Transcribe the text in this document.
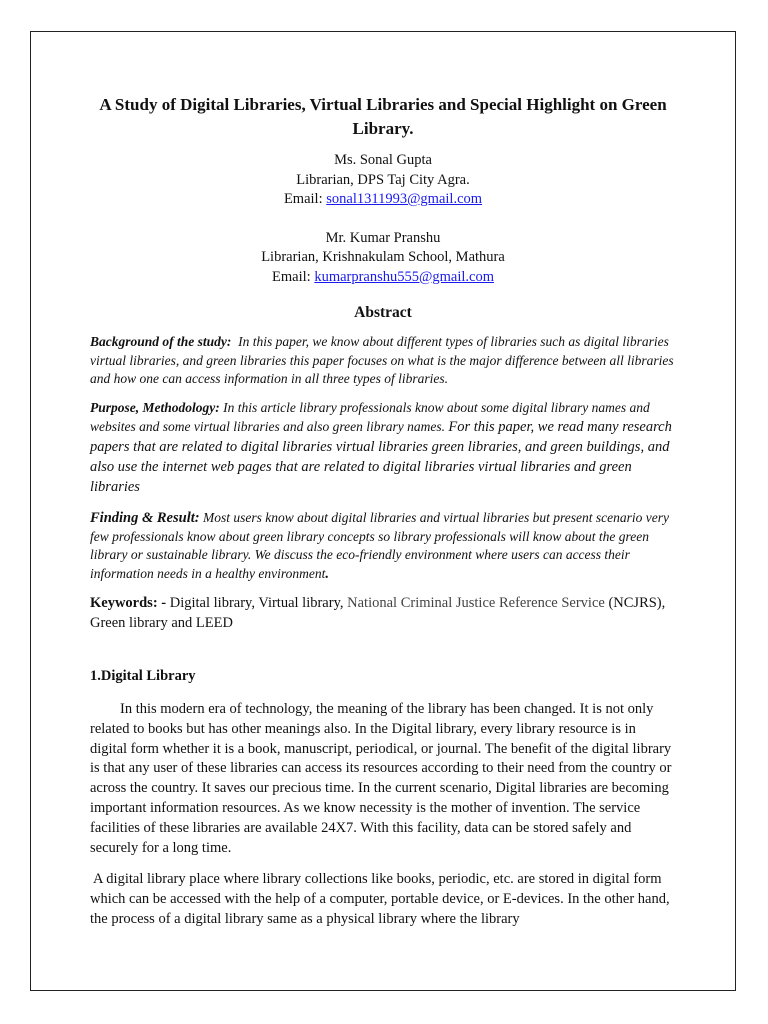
A Study of Digital Libraries, Virtual Libraries and Special Highlight on Green Library.
Ms. Sonal Gupta
Librarian, DPS Taj City Agra.
Email: sonal1311993@gmail.com
Mr. Kumar Pranshu
Librarian, Krishnakulam School, Mathura
Email: kumarpranshu555@gmail.com
Abstract

Background of the study: In this paper, we know about different types of libraries such as digital libraries virtual libraries, and green libraries this paper focuses on what is the major difference between all libraries and how one can access information in all three types of libraries.

Purpose, Methodology: In this article library professionals know about some digital library names and websites and some virtual libraries and also green library names. For this paper, we read many research papers that are related to digital libraries virtual libraries green libraries, and green buildings, and also use the internet web pages that are related to digital libraries virtual libraries and green libraries

Finding & Result: Most users know about digital libraries and virtual libraries but present scenario very few professionals know about green library concepts so library professionals will know about the green library or sustainable library. We discuss the eco-friendly environment where users can access their information needs in a healthy environment.

Keywords: - Digital library, Virtual library, National Criminal Justice Reference Service (NCJRS), Green library and LEED

1.Digital Library

In this modern era of technology, the meaning of the library has been changed. It is not only related to books but has other meanings also. In the Digital library, every library resource is in digital form whether it is a book, manuscript, periodical, or journal. The benefit of the digital library is that any user of these libraries can access its resources according to their need from the country or across the country. It saves our precious time. In the current scenario, Digital libraries are becoming important information resources. As we know necessity is the mother of invention. The service facilities of these libraries are available 24X7. With this facility, data can be stored safely and securely for a long time.

A digital library place where library collections like books, periodic, etc. are stored in digital form which can be accessed with the help of a computer, portable device, or E-devices. In the other hand, the process of a digital library same as a physical library where the library
